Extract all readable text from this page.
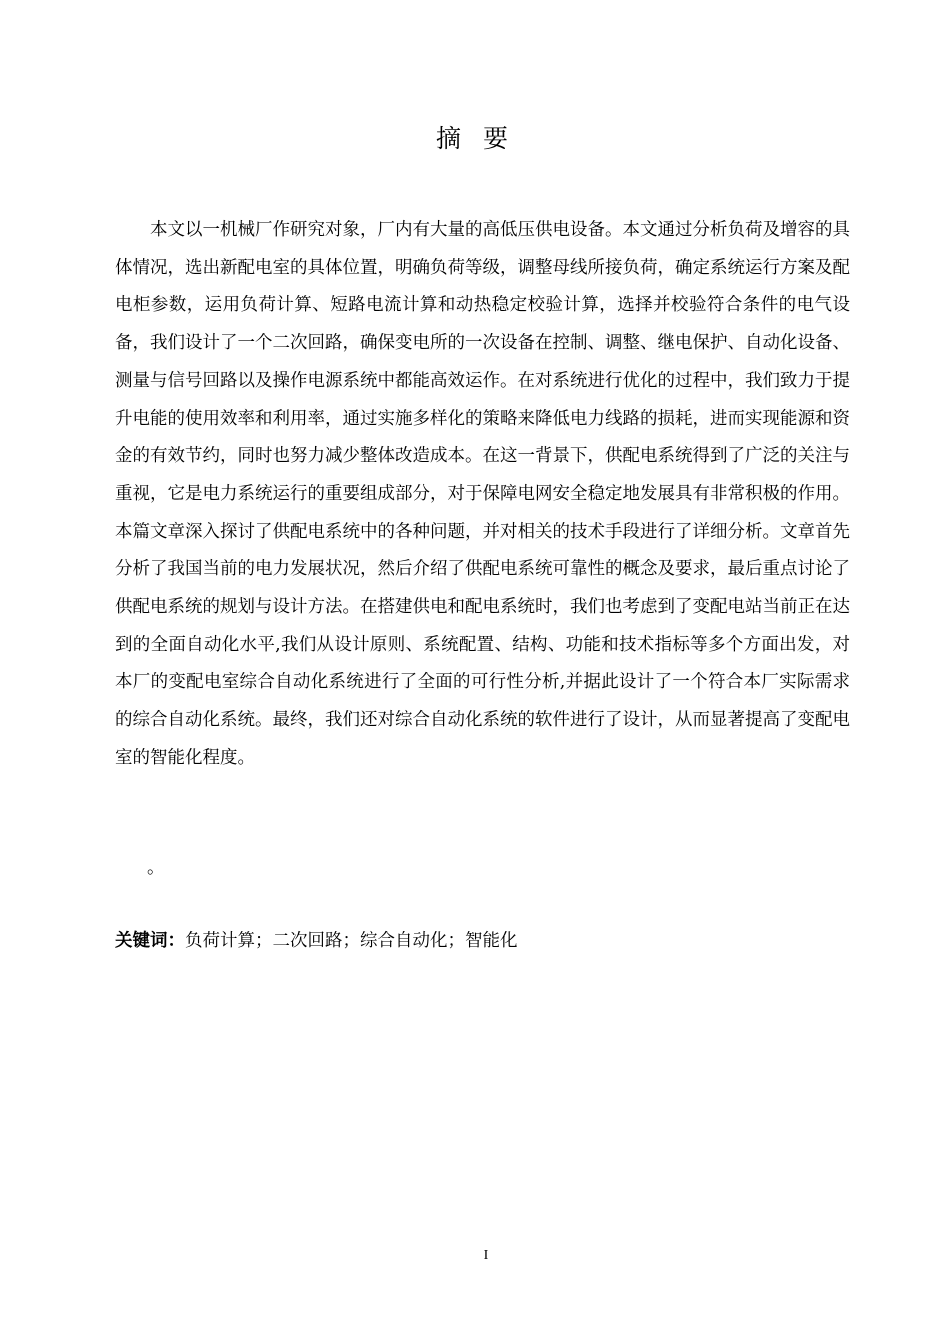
摘要

本文以一机械厂作研究对象，厂内有大量的高低压供电设备。本文通过分析负荷及增容的具体情况，选出新配电室的具体位置，明确负荷等级，调整母线所接负荷，确定系统运行方案及配电柜参数，运用负荷计算、短路电流计算和动热稳定校验计算，选择并校验符合条件的电气设备，我们设计了一个二次回路，确保变电所的一次设备在控制、调整、继电保护、自动化设备、测量与信号回路以及操作电源系统中都能高效运作。在对系统进行优化的过程中，我们致力于提升电能的使用效率和利用率，通过实施多样化的策略来降低电力线路的损耗，进而实现能源和资金的有效节约，同时也努力减少整体改造成本。在这一背景下，供配电系统得到了广泛的关注与重视，它是电力系统运行的重要组成部分，对于保障电网安全稳定地发展具有非常积极的作用。本篇文章深入探讨了供配电系统中的各种问题，并对相关的技术手段进行了详细分析。文章首先分析了我国当前的电力发展状况，然后介绍了供配电系统可靠性的概念及要求，最后重点讨论了供配电系统的规划与设计方法。在搭建供电和配电系统时，我们也考虑到了变配电站当前正在达到的全面自动化水平,我们从设计原则、系统配置、结构、功能和技术指标等多个方面出发，对本厂的变配电室综合自动化系统进行了全面的可行性分析,并据此设计了一个符合本厂实际需求的综合自动化系统。最终，我们还对综合自动化系统的软件进行了设计，从而显著提高了变配电室的智能化程度。

。
关键词：负荷计算；二次回路；综合自动化；智能化
I
